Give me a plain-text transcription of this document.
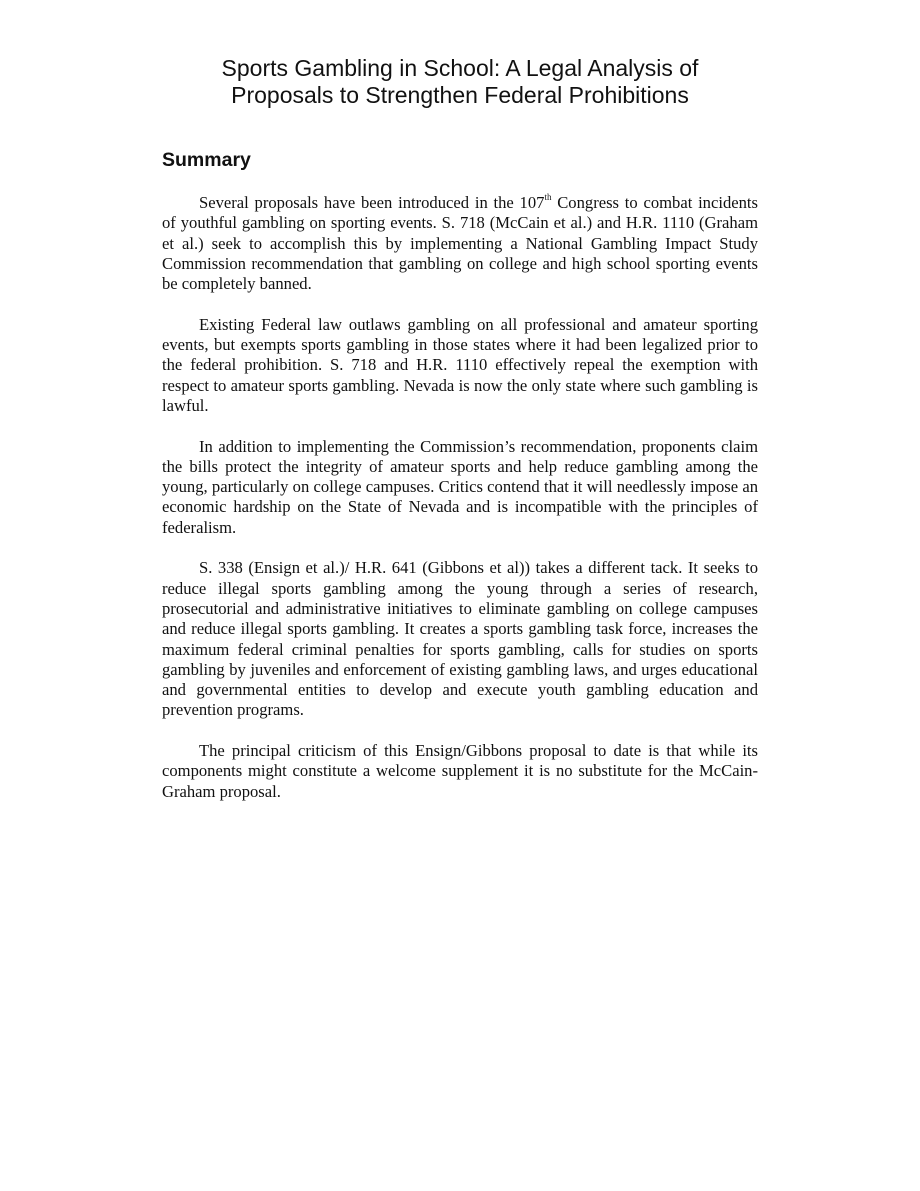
Sports Gambling in School: A Legal Analysis of
Proposals to Strengthen Federal Prohibitions
Summary

Several proposals have been introduced in the 107th Congress to combat incidents of youthful gambling on sporting events. S. 718 (McCain et al.) and H.R. 1110 (Graham et al.) seek to accomplish this by implementing a National Gambling Impact Study Commission recommendation that gambling on college and high school sporting events be completely banned.

Existing Federal law outlaws gambling on all professional and amateur sporting events, but exempts sports gambling in those states where it had been legalized prior to the federal prohibition. S. 718 and H.R. 1110 effectively repeal the exemption with respect to amateur sports gambling. Nevada is now the only state where such gambling is lawful.

In addition to implementing the Commission’s recommendation, proponents claim the bills protect the integrity of amateur sports and help reduce gambling among the young, particularly on college campuses. Critics contend that it will needlessly impose an economic hardship on the State of Nevada and is incompatible with the principles of federalism.

S. 338 (Ensign et al.)/ H.R. 641 (Gibbons et al)) takes a different tack. It seeks to reduce illegal sports gambling among the young through a series of research, prosecutorial and administrative initiatives to eliminate gambling on college campuses and reduce illegal sports gambling. It creates a sports gambling task force, increases the maximum federal criminal penalties for sports gambling, calls for studies on sports gambling by juveniles and enforcement of existing gambling laws, and urges educational and governmental entities to develop and execute youth gambling education and prevention programs.

The principal criticism of this Ensign/Gibbons proposal to date is that while its components might constitute a welcome supplement it is no substitute for the McCain-Graham proposal.
